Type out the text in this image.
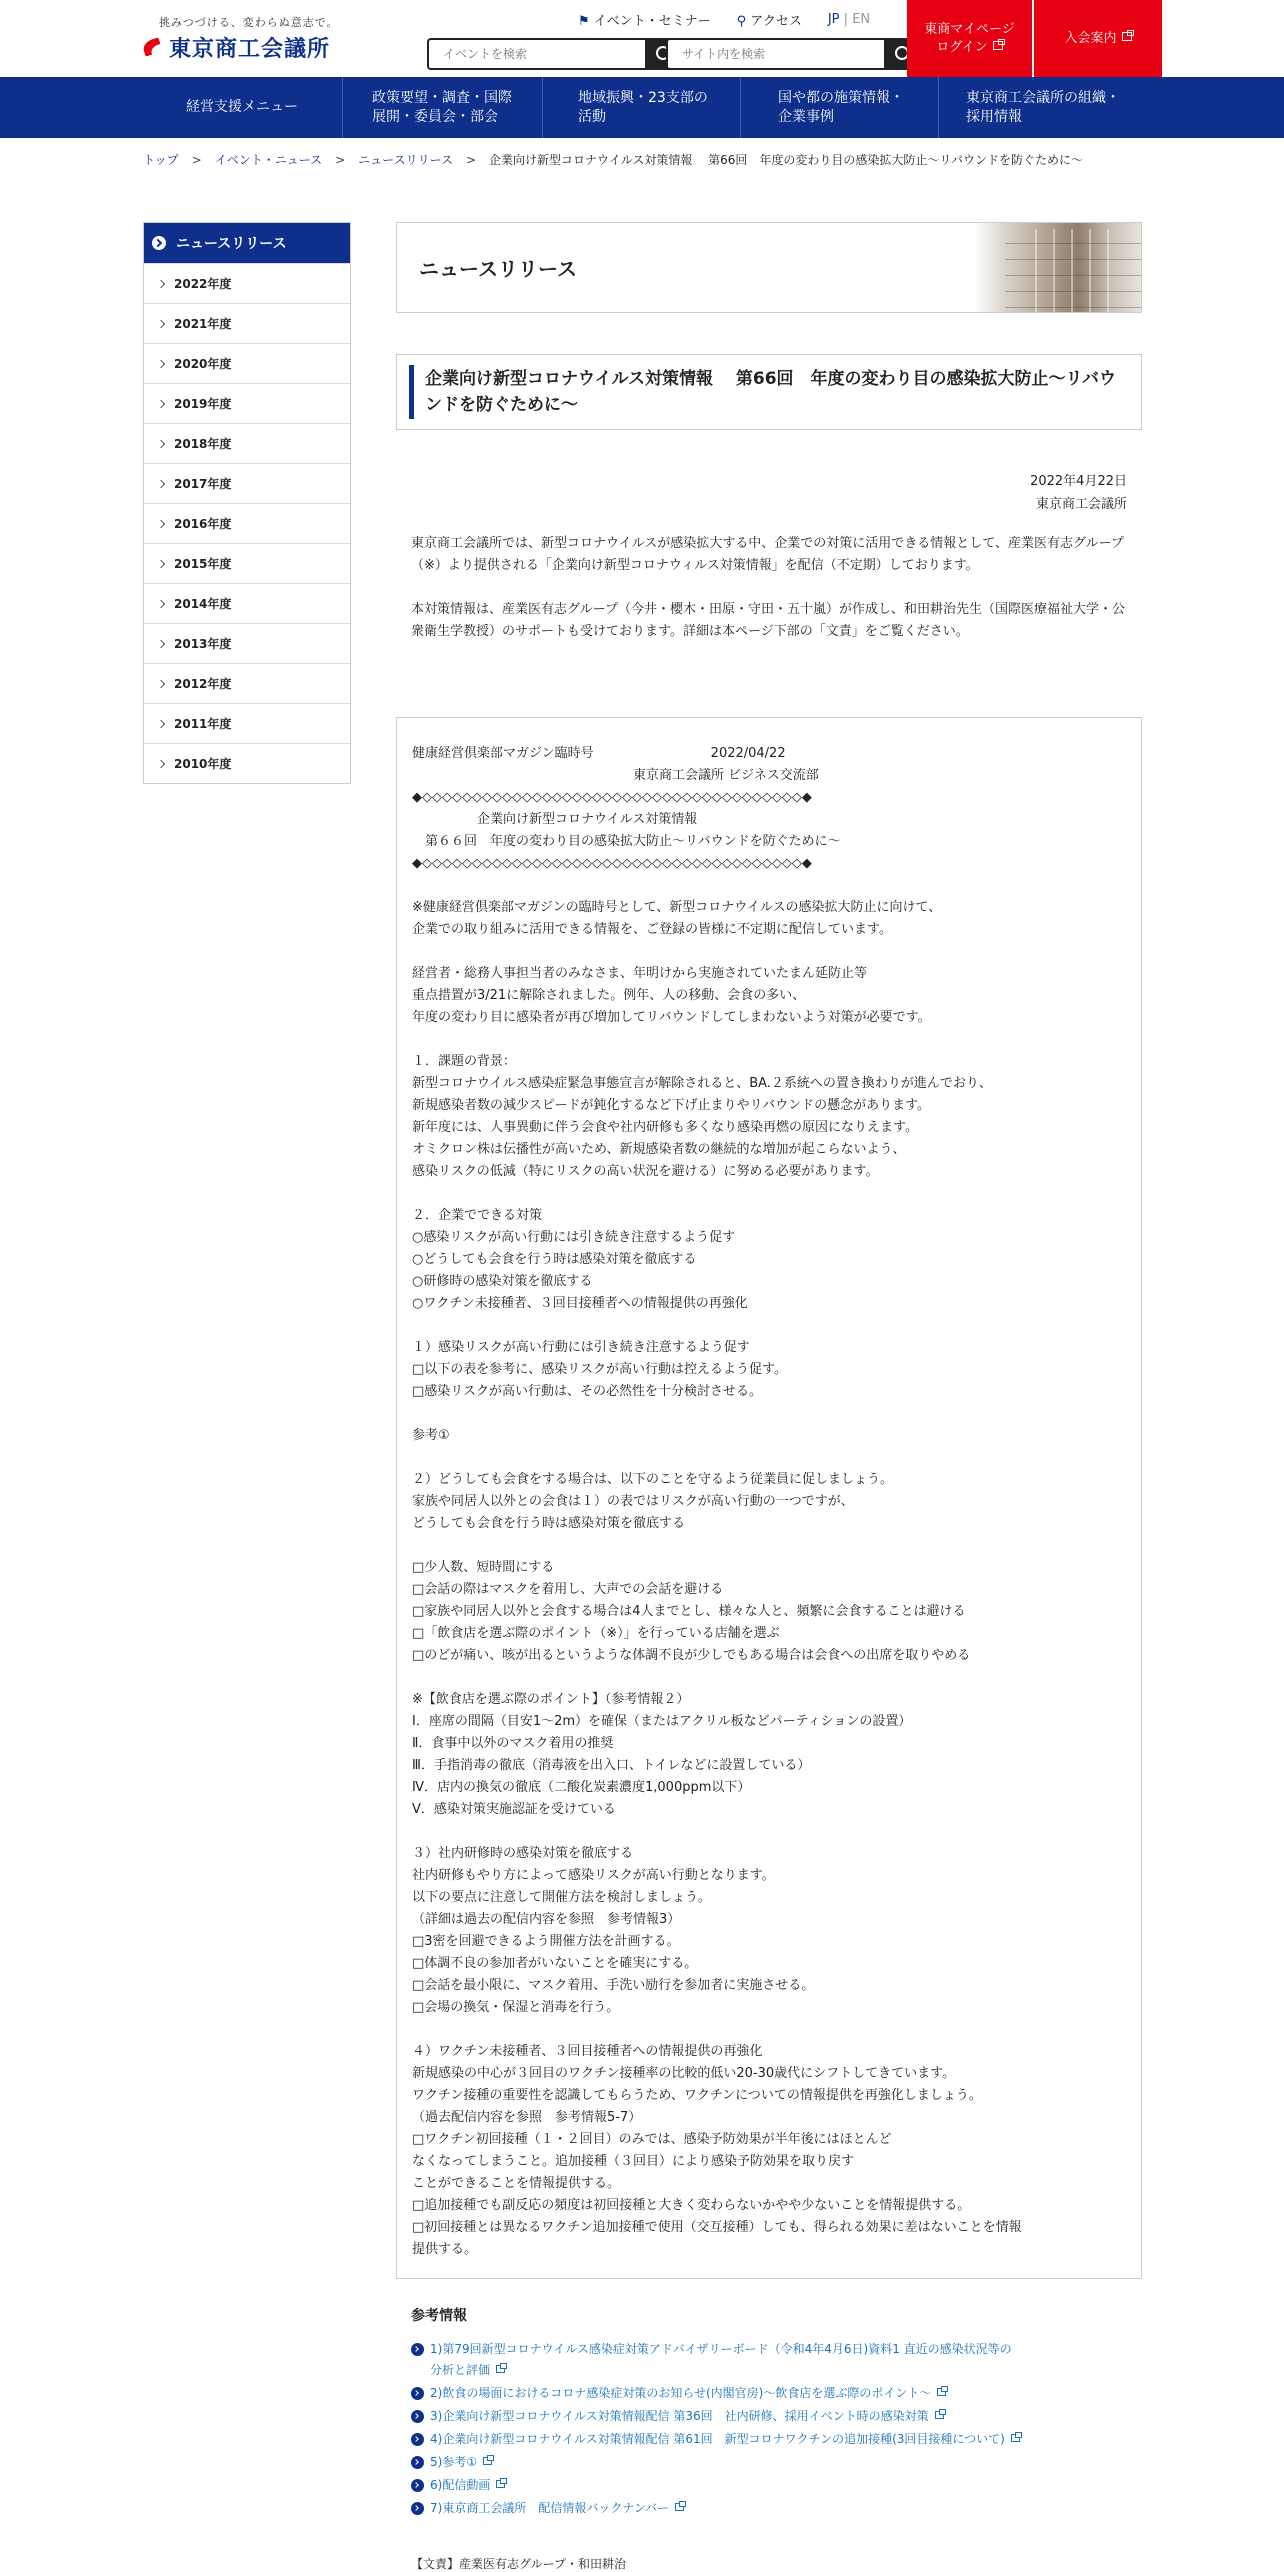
挑みつづける、変わらぬ意志で。
東京商工会議所
⚑ イベント・セミナー ⚲ アクセス JP | EN
イベントを検索
サイト内を検索
東商マイページ
ログイン
入会案内
経営支援メニュー
政策要望・調査・国際
展開・委員会・部会
地域振興・23支部の
活動
国や都の施策情報・
企業事例
東京商工会議所の組織・
採用情報
トップ > イベント・ニュース > ニュースリリース > 企業向け新型コロナウイルス対策情報　 第66回　年度の変わり目の感染拡大防止～リバウンドを防ぐために～
ニュースリリース
2022年度
2021年度
2020年度
2019年度
2018年度
2017年度
2016年度
2015年度
2014年度
2013年度
2012年度
2011年度
2010年度
ニュースリリース
企業向け新型コロナウイルス対策情報　 第66回　年度の変わり目の感染拡大防止～リバウンドを防ぐために～
2022年4月22日
東京商工会議所

東京商工会議所では、新型コロナウイルスが感染拡大する中、企業での対策に活用できる情報として、産業医有志グループ（※）より提供される「企業向け新型コロナウィルス対策情報」を配信（不定期）しております。

本対策情報は、産業医有志グループ（今井・櫻木・田原・守田・五十嵐）が作成し、和田耕治先生（国際医療福祉大学・公衆衛生学教授）のサポートも受けております。詳細は本ページ下部の「文責」をご覧ください。

健康経営倶楽部マガジン臨時号　　　　　　　　　2022/04/22
　　　　　　　　　　　　　　　　　東京商工会議所 ビジネス交流部
◆◇◇◇◇◇◇◇◇◇◇◇◇◇◇◇◇◇◇◇◇◇◇◇◇◇◇◇◇◇◇◇◇◇◇◇◇◇◇◆
　　　　　企業向け新型コロナウイルス対策情報
　第６６回　年度の変わり目の感染拡大防止～リバウンドを防ぐために～
◆◇◇◇◇◇◇◇◇◇◇◇◇◇◇◇◇◇◇◇◇◇◇◇◇◇◇◇◇◇◇◇◇◇◇◇◇◇◇◆

※健康経営倶楽部マガジンの臨時号として、新型コロナウイルスの感染拡大防止に向けて、
企業での取り組みに活用できる情報を、ご登録の皆様に不定期に配信しています。

経営者・総務人事担当者のみなさま、年明けから実施されていたまん延防止等
重点措置が3/21に解除されました。例年、人の移動、会食の多い、
年度の変わり目に感染者が再び増加してリバウンドしてしまわないよう対策が必要です。

１．課題の背景：
新型コロナウイルス感染症緊急事態宣言が解除されると、BA.２系統への置き換わりが進んでおり、
新規感染者数の減少スピードが鈍化するなど下げ止まりやリバウンドの懸念があります。
新年度には、人事異動に伴う会食や社内研修も多くなり感染再燃の原因になりえます。
オミクロン株は伝播性が高いため、新規感染者数の継続的な増加が起こらないよう、
感染リスクの低減（特にリスクの高い状況を避ける）に努める必要があります。

２．企業でできる対策
○感染リスクが高い行動には引き続き注意するよう促す
○どうしても会食を行う時は感染対策を徹底する
○研修時の感染対策を徹底する
○ワクチン未接種者、３回目接種者への情報提供の再強化

１）感染リスクが高い行動には引き続き注意するよう促す
□以下の表を参考に、感染リスクが高い行動は控えるよう促す。
□感染リスクが高い行動は、その必然性を十分検討させる。

参考①

２）どうしても会食をする場合は、以下のことを守るよう従業員に促しましょう。
家族や同居人以外との会食は１）の表ではリスクが高い行動の一つですが、
どうしても会食を行う時は感染対策を徹底する

□少人数、短時間にする
□会話の際はマスクを着用し、大声での会話を避ける
□家族や同居人以外と会食する場合は4人までとし、様々な人と、頻繁に会食することは避ける
□「飲食店を選ぶ際のポイント（※）」を行っている店舗を選ぶ
□のどが痛い、咳が出るというような体調不良が少しでもある場合は会食への出席を取りやめる

※【飲食店を選ぶ際のポイント】（参考情報２）
Ⅰ．座席の間隔（目安1～2m）を確保（またはアクリル板などパーティションの設置）
Ⅱ．食事中以外のマスク着用の推奨
Ⅲ．手指消毒の徹底（消毒液を出入口、トイレなどに設置している）
Ⅳ．店内の換気の徹底（二酸化炭素濃度1,000ppm以下）
Ⅴ．感染対策実施認証を受けている

３）社内研修時の感染対策を徹底する
社内研修もやり方によって感染リスクが高い行動となります。
以下の要点に注意して開催方法を検討しましょう。
（詳細は過去の配信内容を参照　参考情報3）
□3密を回避できるよう開催方法を計画する。
□体調不良の参加者がいないことを確実にする。
□会話を最小限に、マスク着用、手洗い励行を参加者に実施させる。
□会場の換気・保湿と消毒を行う。

４）ワクチン未接種者、３回目接種者への情報提供の再強化
新規感染の中心が３回目のワクチン接種率の比較的低い20-30歳代にシフトしてきています。
ワクチン接種の重要性を認識してもらうため、ワクチンについての情報提供を再強化しましょう。
（過去配信内容を参照　参考情報5-7）
□ワクチン初回接種（１・２回目）のみでは、感染予防効果が半年後にはほとんど
なくなってしまうこと。追加接種（３回目）により感染予防効果を取り戻す
ことができることを情報提供する。
□追加接種でも副反応の頻度は初回接種と大きく変わらないかやや少ないことを情報提供する。
□初回接種とは異なるワクチン追加接種で使用（交互接種）しても、得られる効果に差はないことを情報
提供する。
参考情報
1)第79回新型コロナウイルス感染症対策アドバイザリーボード（令和4年4月6日)資料1 直近の感染状況等の
分析と評価
2)飲食の場面におけるコロナ感染症対策のお知らせ(内閣官房)～飲食店を選ぶ際のポイント～
3)企業向け新型コロナウイルス対策情報配信 第36回　社内研修、採用イベント時の感染対策
4)企業向け新型コロナウイルス対策情報配信 第61回　新型コロナワクチンの追加接種(3回目接種について)
5)参考①
6)配信動画
7)東京商工会議所　配信情報バックナンバー
【文責】産業医有志グループ・和田耕治
